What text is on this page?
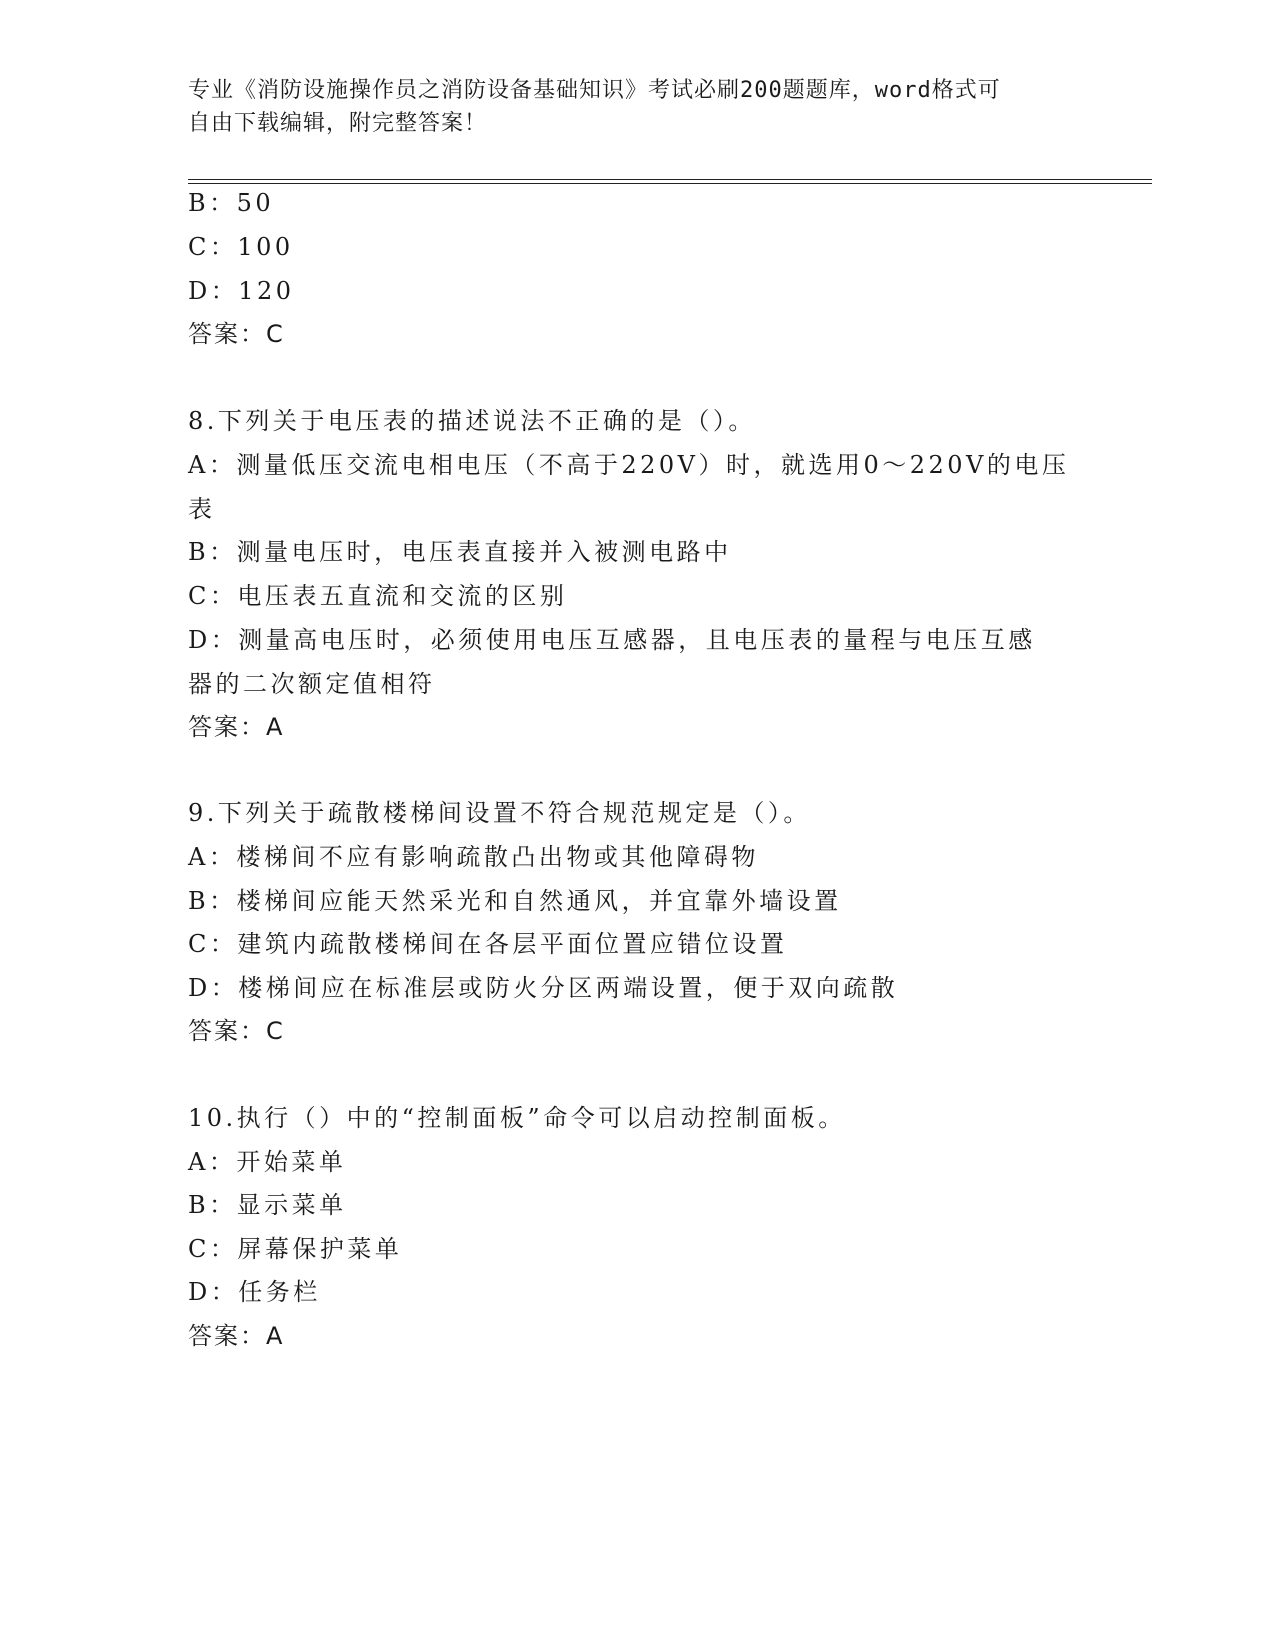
专业《消防设施操作员之消防设备基础知识》考试必刷200题题库，word格式可
自由下载编辑，附完整答案！
B：50
C：100
D：120
答案：C
8.下列关于电压表的描述说法不正确的是（）。
A：测量低压交流电相电压（不高于220V）时，就选用0～220V的电压
表
B：测量电压时，电压表直接并入被测电路中
C：电压表五直流和交流的区别
D：测量高电压时，必须使用电压互感器，且电压表的量程与电压互感
器的二次额定值相符
答案：A
9.下列关于疏散楼梯间设置不符合规范规定是（）。
A：楼梯间不应有影响疏散凸出物或其他障碍物
B：楼梯间应能天然采光和自然通风，并宜靠外墙设置
C：建筑内疏散楼梯间在各层平面位置应错位设置
D：楼梯间应在标准层或防火分区两端设置，便于双向疏散
答案：C
10.执行（）中的“控制面板”命令可以启动控制面板。
A：开始菜单
B：显示菜单
C：屏幕保护菜单
D：任务栏
答案：A
